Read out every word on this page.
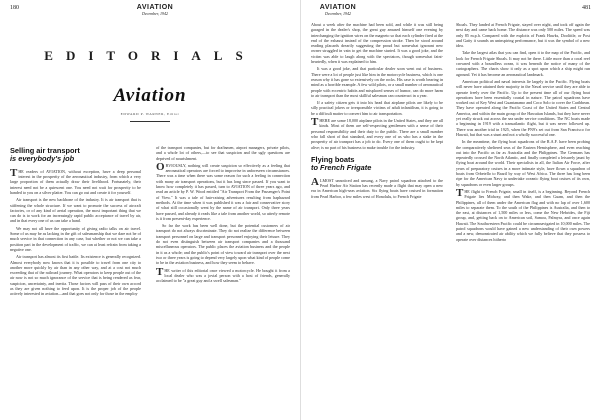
180	AVIATION
December, 1942
EDITORIALS
Aviation
EDWARD P. WARNER, Editor
Selling air transport
is everybody's job

THE readers of AVIATION, without exception, have a deep personal interest in the prosperity of the aeronautical industry, from which a very large proportion of them actually draw their livelihood. Fortunately, their interest need not be a quiescent one. You need not wait for prosperity to be handed to you on a silver platter. You can go out and create it for yourself.

Air transport is the new backbone of the industry. It is air transport that is stiffening the whole structure. If we want to promote the success of aircraft factories, or of any kind of aerial operation, the most important thing that we can do is to work for an increasingly rapid public acceptance of travel by air, and in that every one of us can take a hand.

We may not all have the opportunity of giving radio talks on air travel. Some of us may be as lacking in the gift of salesmanship that we dare not be of much service in that connection in any case, but whether or not we can take a position part in the development of traffic, we can at least refrain from taking a negative one.

Air transport has almost its first battle. Its existence is generally recognized. Almost everybody now knows that it is possible to travel from one city to another more quickly by air than in any other way, and at a cost not much exceeding that of the railroad journey. What operators to keep people out of the air now is not so much ignorance of the service that is being rendered as fear, suspicion, uncertainty, and inertia. Those factors will pass of their own accord as they are given nothing to feed upon. It is the proper job of the people actively interested in aviation—and that goes not only for those in the employ

of the transport companies, but for draftsmen, airport managers, private pilots, and a whole lot of others,—to see that suspicion and the ugly questions are deprived of nourishment.

OBVIOUSLY, nothing will create suspicion so effectively as a feeling that aeronautical operators are forced to improvise in unforeseen circumstances. There was a time when there was some reason for such a feeling in connection with many air transport operations, but it has long since passed. If you want to know how completely it has passed, turn to AVIATION of three years ago, and read an article by P. W. Wood entitled "Air Transport From the Passenger's Point of View." It was a tale of hair-raising adventures resulting from haphazard methods. At the time when it was published it was a fair and conservative story of what still occasionally went by the name of air transport. Only three years have passed, and already it reads like a tale from another world, so utterly remote is it from present-day experience.

So far the work has been well done, but the potential customers of air transport do not always discriminate. They do not realize the difference between transport personnel on large and transport personnel enjoying their leisure. They do not even distinguish between air transport companies and a thousand miscellaneous operators. The public places the aviation business and the people in it as a whole; and the public's point of view toward air transport over the next two or three years is going to depend very largely upon what kind of people come to be in the aviation business, and how they seem to behave.

THE writer of this editorial once viewed a motorcycle. He bought it from a local dealer who was a jovial person with a host of friends, generally acclaimed to be "a great guy and a swell salesman."

AVIATION
December, 1942
481

About a week after the machine had been sold, and while it was still being garaged in the dealer's shop, the great guy amused himself one evening by interchanging the ignition wires on the magneto so that each cylinder fired at the end of the exhaust instead of the compression stroke. Then he stood around reading placards drearily suggesting the proud but somewhat ignorant new owner struggled in vain to get the machine started. It was a good joke, and the victim was able to laugh along with the spectators, though somewhat faint-heartedly, when it was explained to him.

It was a good joke, and that particular dealer soon went out of business. There were a lot of people just like him in the motorcycle business, which is one reason why it has gone so extensively on the rocks. His case is worth bearing in mind as a horrible example. A few wild pilots, or a small number of aeronautical people with eccentric habits and misplaced senses of humor, can do more harm to air transport than the most skillful salesman can counteract in a year.

If a safety citizen gets it into his head that airplane pilots are likely to be silly practical jokers or irresponsible victims of adult infantilism, it is going to be a difficult matter to convert him to air transportation.

THERE are some 18,000 airplane pilots in the United States, and they are all kinds. Most of them are self-respecting gentlemen with a sense of their personal responsibility and their duty to the public. There are a small number who fall short of that standard, and every one of us who has a stake in the prosperity of air transport has a job to do. Every one of them ought to be kept alive; is no part of his business to make trouble for the industry.

Flying boats
to French Frigate

ALMOST unnoticed and unsung, a Navy patrol squadron attached to the Pearl Harbor Air Station has recently made a flight that may open a new era in American high-seas aviation. Six flying boats have cruised in formation from Pearl Harbor, a few miles west of Honolulu, to French Frigate

Shoals. They landed at French Frigate, stayed over night, and took off again the next day and came back home. The distance was only 500 miles. The speed was only 85 m.p.h. Compared with the exploits of Frank Hawks, Doolittle, or Post and Gatty it sounds an uninspiring performance, but it was the symbol of a new idea.

Take the largest atlas that you can find, open it to the map of the Pacific, and look for French Frigate Shoals. It may not be there. Little more than a coral reef crowned with a boundless ocean, it was beneath the notice of many of the cartographers. The charts show it only as a spot upon which a ship might run aground. Yet it has become an aeronautical landmark.

American political and naval interests lie largely in the Pacific. Flying boats will never have attained their majority in the Naval service until they are able to operate freely over the Pacific. Up to the present time all of our flying boat operations have been essentially coastal in nature. The patrol squadrons have worked out of Key West and Guantanamo and Coco Solo to cover the Caribbean. They have operated along the Pacific Coast of the United States and Central America, and within the main group of the Hawaiian Islands, but they have never yet really struck out across the sea under service conditions. The NC boats made a beginning in 1919 with a transatlantic flight, but it was never followed up. There was another trial in 1925, when the PN9's set out from San Francisco for Hawaii, but that was a stunt and not a wholly successful one.

In the meantime, the flying boat squadrons of the R.A.F. have been probing the comparatively sheltered seas of the Eastern Hemisphere, and even reaching out into the Pacific as far as Australia and the Philippines. The Germans has repeatedly crossed the North Atlantic, and finally completed a leisurely jaunt by flying boat around the world. Their specialists in all, the Italian Air Force, after years of preparatory cruises in a more intimate style, have flown a squadron of boats from Orbetello to Brazil by way of West Africa. The three has long been ripe for the American Navy to undertake oceanic flying boat cruises of its own, by squadrons or even larger groups.

THE flight to French Frigate, small in itself, is a beginning. Beyond French Frigate lies Midway, and then Wake, and then Guam, and then the Philippines, all of them under the American flag and with no lap of over 1,600 miles to separate them. To the south of the Philippines is Australia, and then to the east, at distances of 1,500 miles or less, come the New Hebrides, the Fiji group, and, getting back on to American soil, Samoa, Palmyra, and once again Hawaii. The Southwestern Pacific could be circumnavigated in 10,000 miles. The patrol squadrons would have gained a new understanding of their own powers and a new, demonstrated air ability which we fully believe that they possess to operate over distances hitherto
